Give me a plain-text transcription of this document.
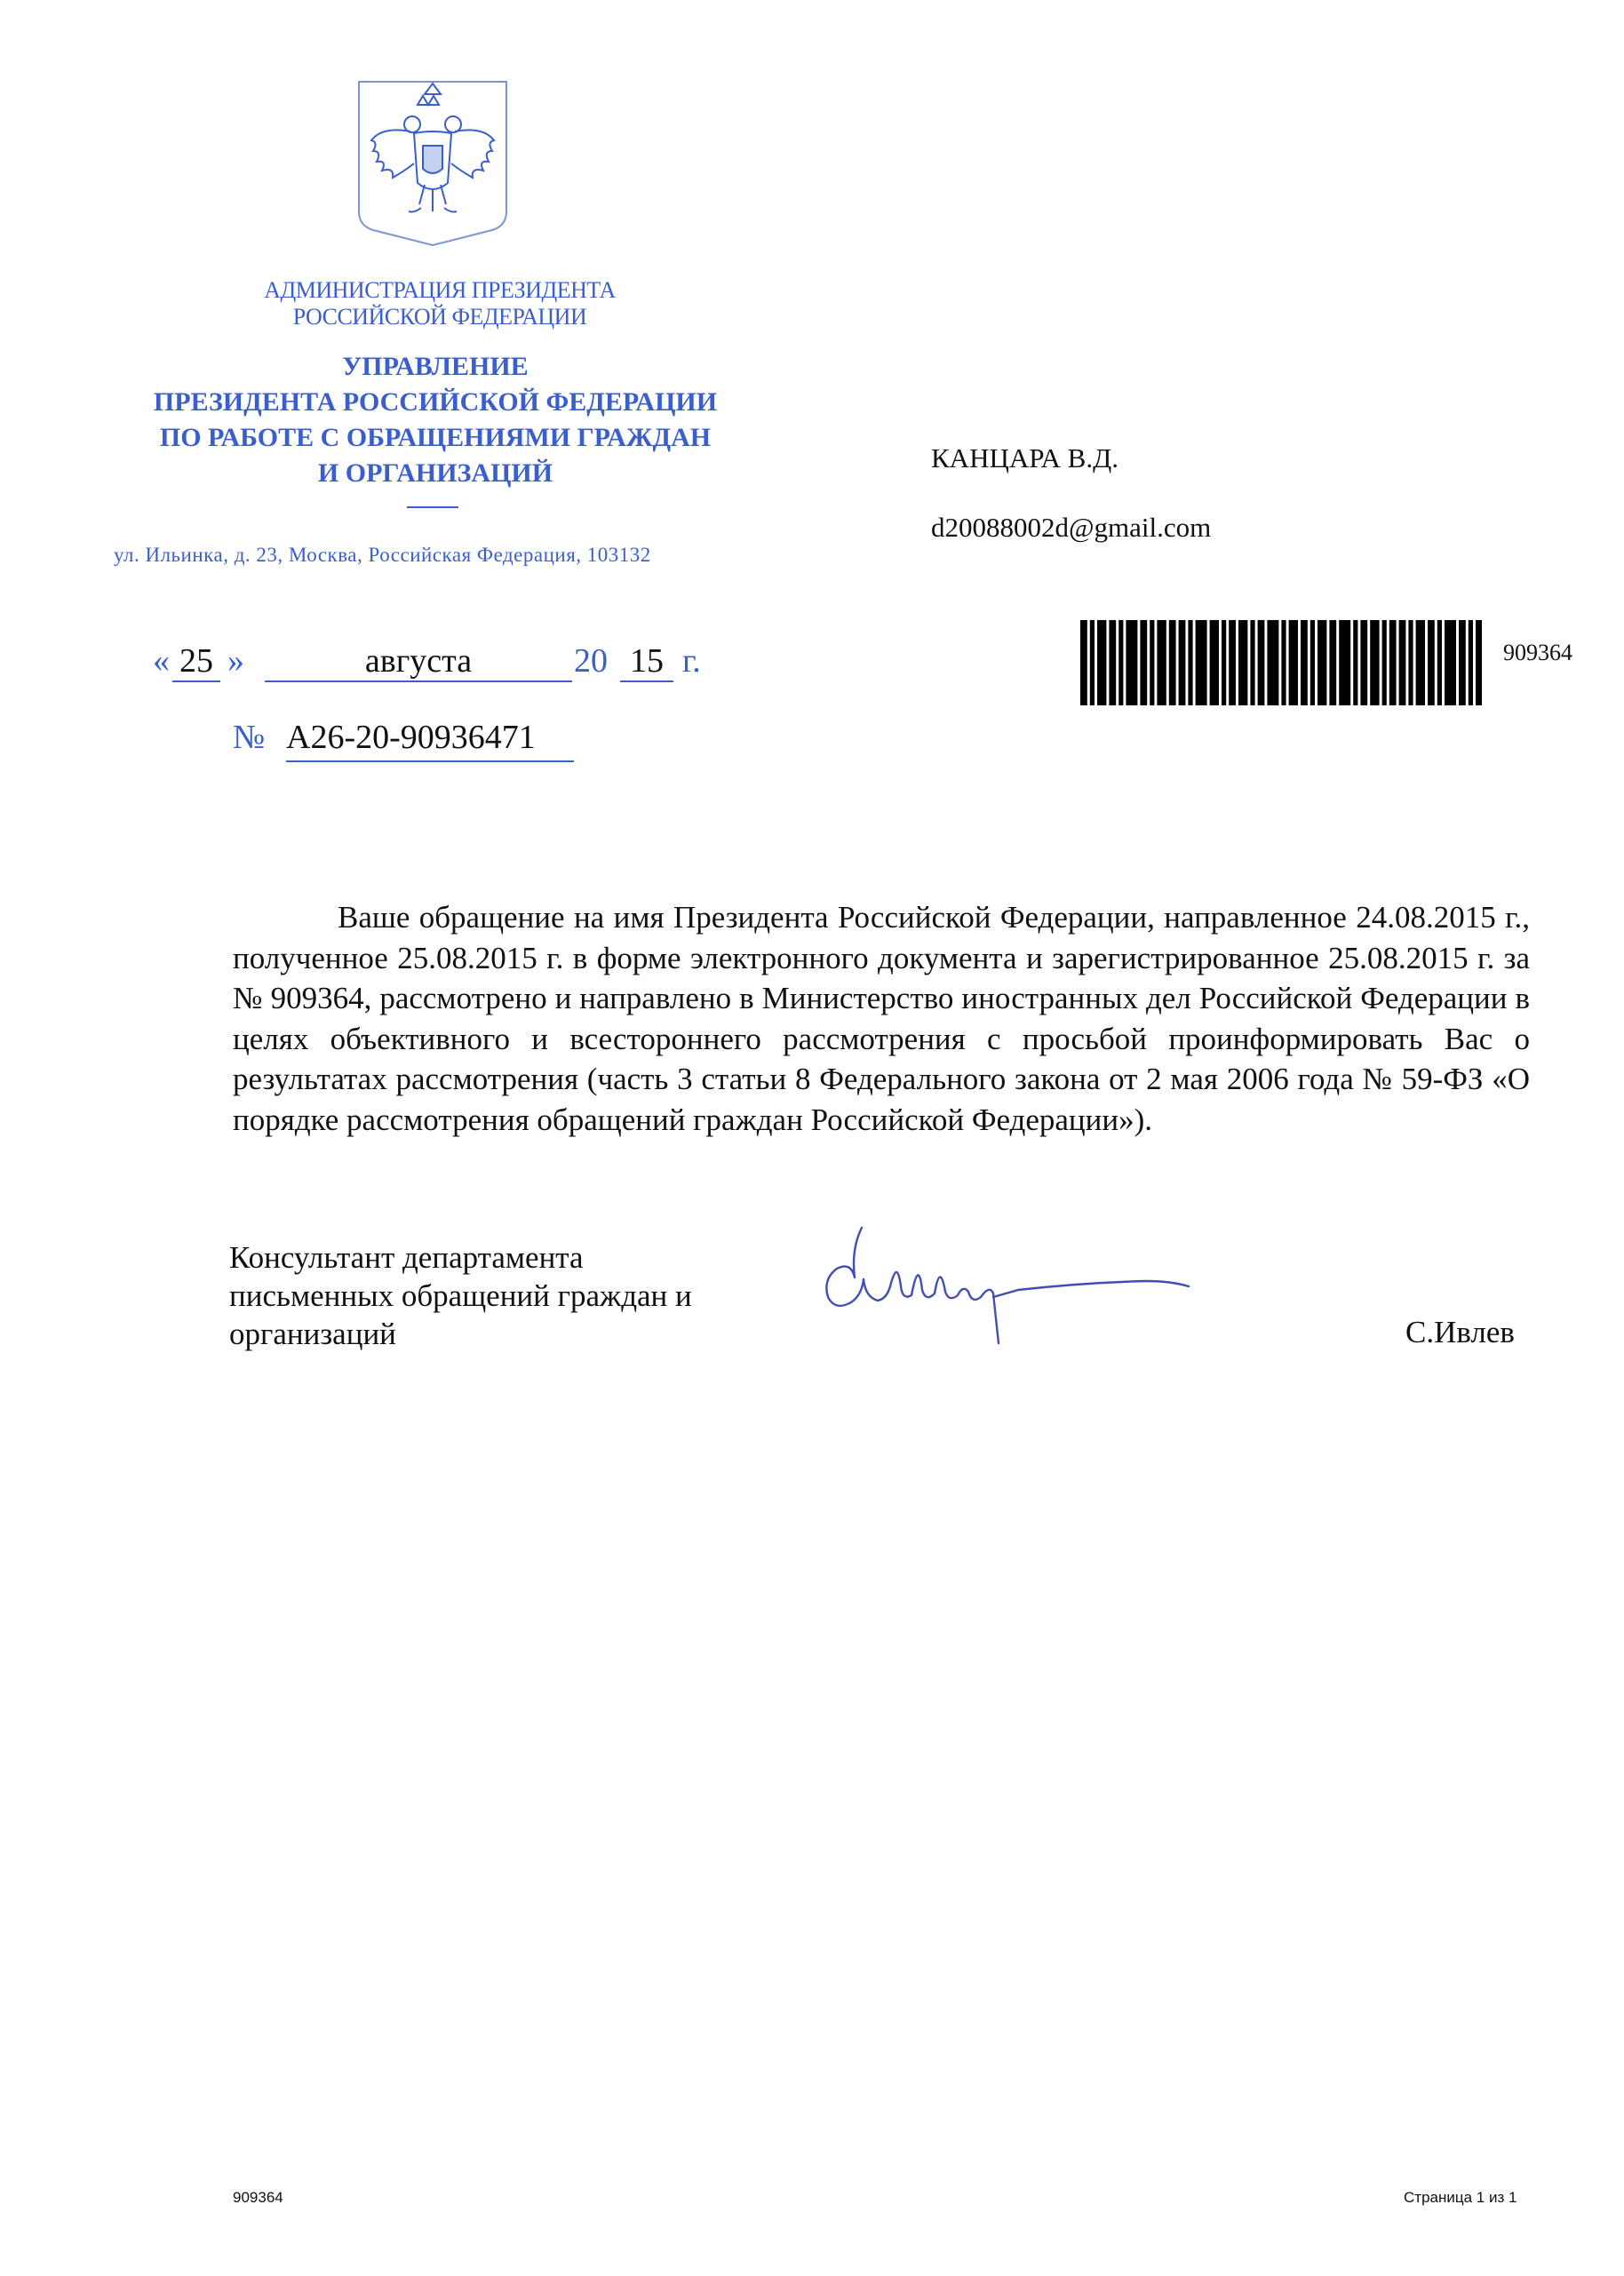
АДМИНИСТРАЦИЯ ПРЕЗИДЕНТА
РОССИЙСКОЙ ФЕДЕРАЦИИ
УПРАВЛЕНИЕ
ПРЕЗИДЕНТА РОССИЙСКОЙ ФЕДЕРАЦИИ
ПО РАБОТЕ С ОБРАЩЕНИЯМИ ГРАЖДАН
И ОРГАНИЗАЦИЙ
ул. Ильинка, д. 23, Москва, Российская Федерация, 103132
КАНЦАРА В.Д.
d20088002d@gmail.com
909364
« 25 »	августа	20 15 г.
№ А26-20-90936471
Ваше обращение на имя Президента Российской Федерации, направленное 24.08.2015 г., полученное 25.08.2015 г. в форме электронного документа и зарегистрированное 25.08.2015 г. за № 909364, рассмотрено и направлено в Министерство иностранных дел Российской Федерации в целях объективного и всестороннего рассмотрения с просьбой проинформировать Вас о результатах рассмотрения (часть 3 статьи 8 Федерального закона от 2 мая 2006 года № 59-ФЗ «О порядке рассмотрения обращений граждан Российской Федерации»).
Консультант департамента
письменных обращений граждан и
организаций	С.Ивлев
909364	Страница 1 из 1
